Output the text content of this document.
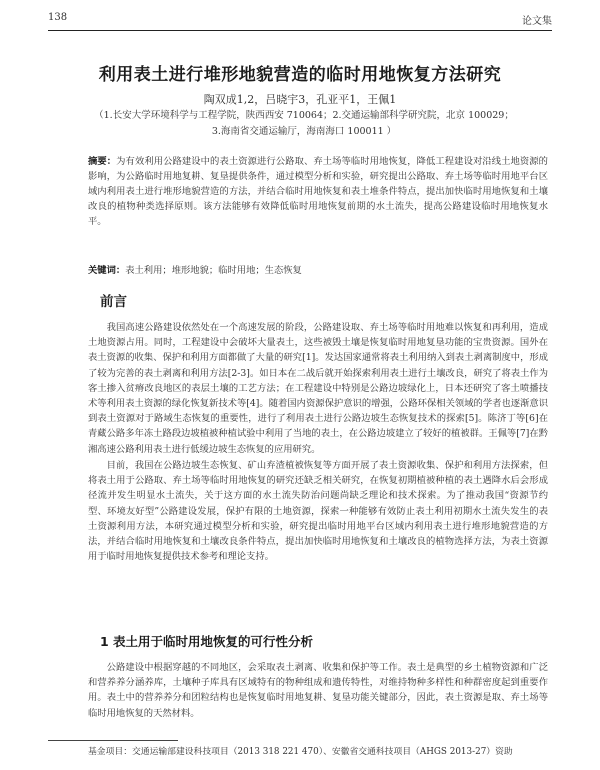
138	论文集
利用表土进行堆形地貌营造的临时用地恢复方法研究
陶双成1,2，吕晓宇3，孔亚平1，王佩1
（1.长安大学环境科学与工程学院，陕西西安 710064；2.交通运输部科学研究院，北京 100029；
3.海南省交通运输厅，海南海口 100011 ）
摘要：为有效利用公路建设中的表土资源进行公路取、弃土场等临时用地恢复，降低工程建设对沿线土地资源的影响，为公路临时用地复耕、复垦提供条件，通过模型分析和实验，研究提出公路取、弃土场等临时用地平台区域内利用表土进行堆形地貌营造的方法，并结合临时用地恢复和表土堆条件特点，提出加快临时用地恢复和土壤改良的植物种类选择原则。该方法能够有效降低临时用地恢复前期的水土流失，提高公路建设临时用地恢复水平。
关键词：表土利用；堆形地貌；临时用地；生态恢复
前言
我国高速公路建设依然处在一个高速发展的阶段，公路建设取、弃土场等临时用地难以恢复和再利用，造成土地资源占用。同时，工程建设中会破坏大量表土，这些被毁土壤是恢复临时用地复垦功能的宝贵资源。国外在表土资源的收集、保护和利用方面都做了大量的研究[1]。发达国家通常将表土利用纳入到表土剥离制度中，形成了较为完善的表土剥离和利用方法[2-3]。如日本在二战后就开始探索利用表土进行土壤改良，研究了将表土作为客土掺入贫瘠改良地区的表层土壤的工艺方法；在工程建设中特别是公路边坡绿化上，日本还研究了客土喷播技术等利用表土资源的绿化恢复新技术等[4]。随着国内资源保护意识的增强，公路环保相关领域的学者也逐渐意识到表土资源对于路域生态恢复的重要性，进行了利用表土进行公路边坡生态恢复技术的探索[5]。陈济丁等[6]在青藏公路多年冻土路段边坡植被种植试验中利用了当地的表土，在公路边坡建立了较好的植被群。王佩等[7]在黔湘高速公路利用表土进行低缓边坡生态恢复的应用研究。
目前，我国在公路边坡生态恢复、矿山弃渣植被恢复等方面开展了表土资源收集、保护和利用方法探索，但将表土用于公路取、弃土场等临时用地恢复的研究还缺乏相关研究，在恢复初期植被种植的表土遇降水后会形成径流并发生明显水土流失，关于这方面的水土流失防治问题尚缺乏理论和技术探索。为了推动我国“资源节约型、环境友好型”公路建设发展，保护有限的土地资源，探索一种能够有效防止表土利用初期水土流失发生的表土资源利用方法，本研究通过模型分析和实验，研究提出临时用地平台区域内利用表土进行堆形地貌营造的方法，并结合临时用地恢复和土壤改良条件特点，提出加快临时用地恢复和土壤改良的植物选择方法，为表土资源用于临时用地恢复提供技术参考和理论支持。
1 表土用于临时用地恢复的可行性分析
公路建设中根据穿越的不同地区，会采取表土剥离、收集和保护等工作。表土是典型的乡土植物资源和广泛和营养养分涵养库，土壤种子库具有区域特有的物种组成和遗传特性，对维持物种多样性和种群密度起到重要作用。表土中的营养养分和团粒结构也是恢复临时用地复耕、复垦功能关键部分，因此，表土资源是取、弃土场等临时用地恢复的天然材料。
基金项目：交通运输部建设科技项目（2013 318 221 470）、安徽省交通科技项目（AHGS 2013-27）资助
